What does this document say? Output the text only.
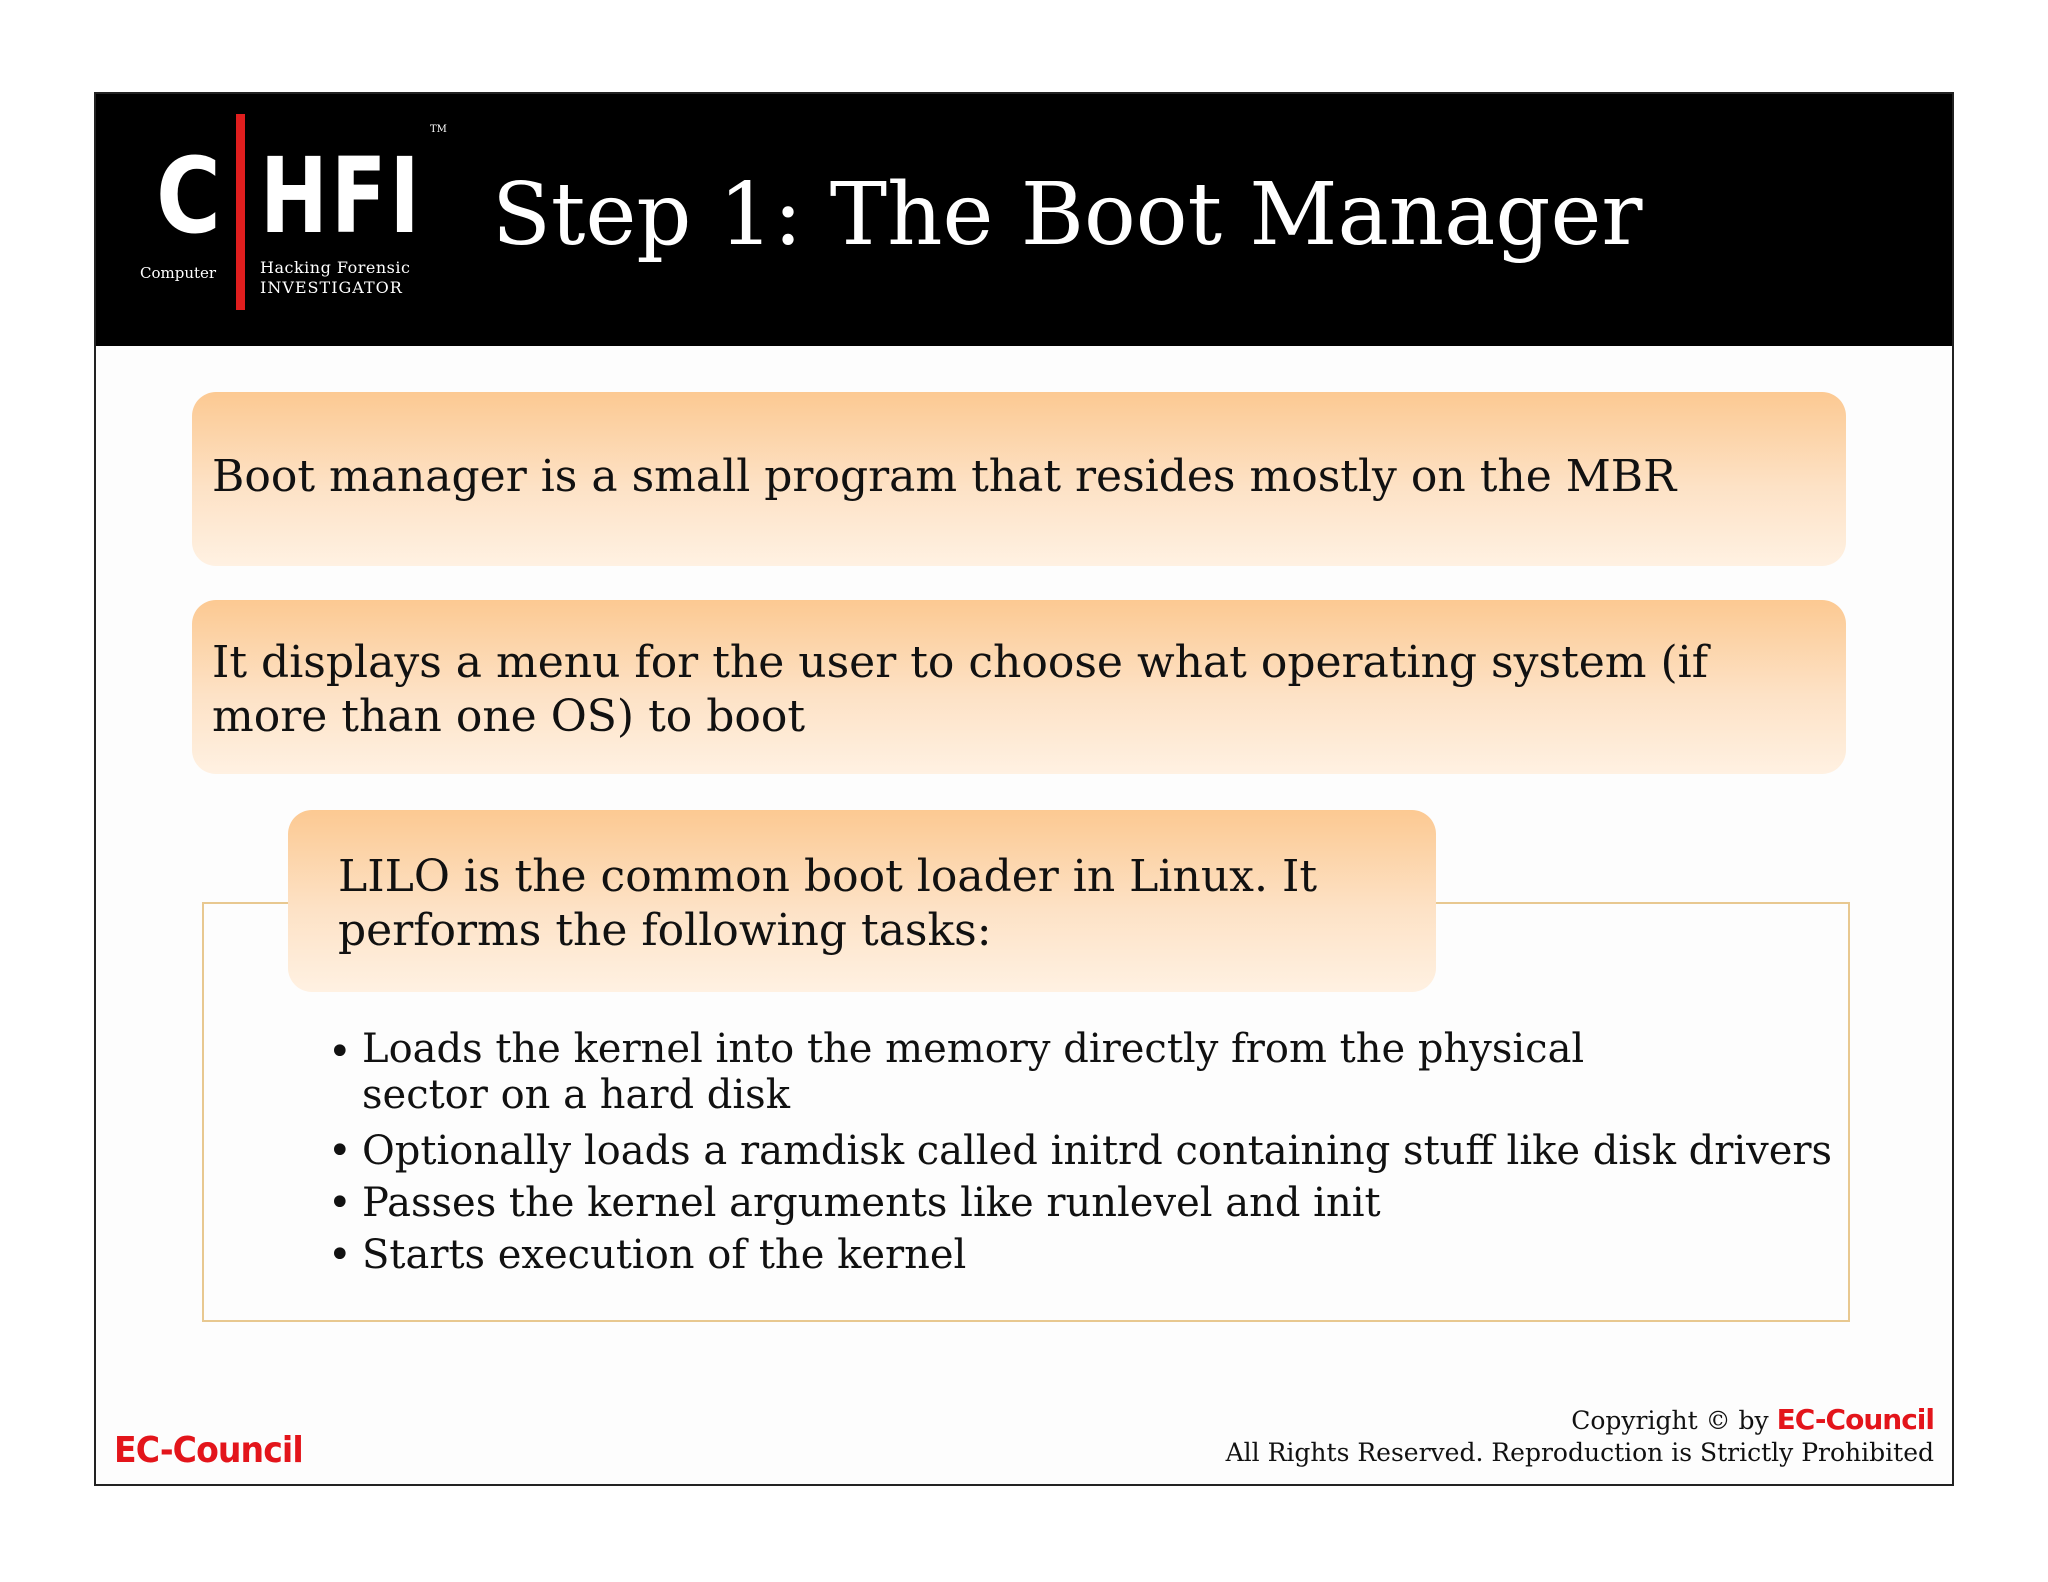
C HFI
TM
Computer	Hacking Forensic
INVESTIGATOR
Step 1: The Boot Manager
Boot manager is a small program that resides mostly on the MBR
It displays a menu for the user to choose what operating system (if more than one OS) to boot
LILO is the common boot loader in Linux. It performs the following tasks:
• Loads the kernel into the memory directly from the physical sector on a hard disk
• Optionally loads a ramdisk called initrd containing stuff like disk drivers
• Passes the kernel arguments like runlevel and init
• Starts execution of the kernel
EC-Council
Copyright © by EC-Council
All Rights Reserved. Reproduction is Strictly Prohibited
